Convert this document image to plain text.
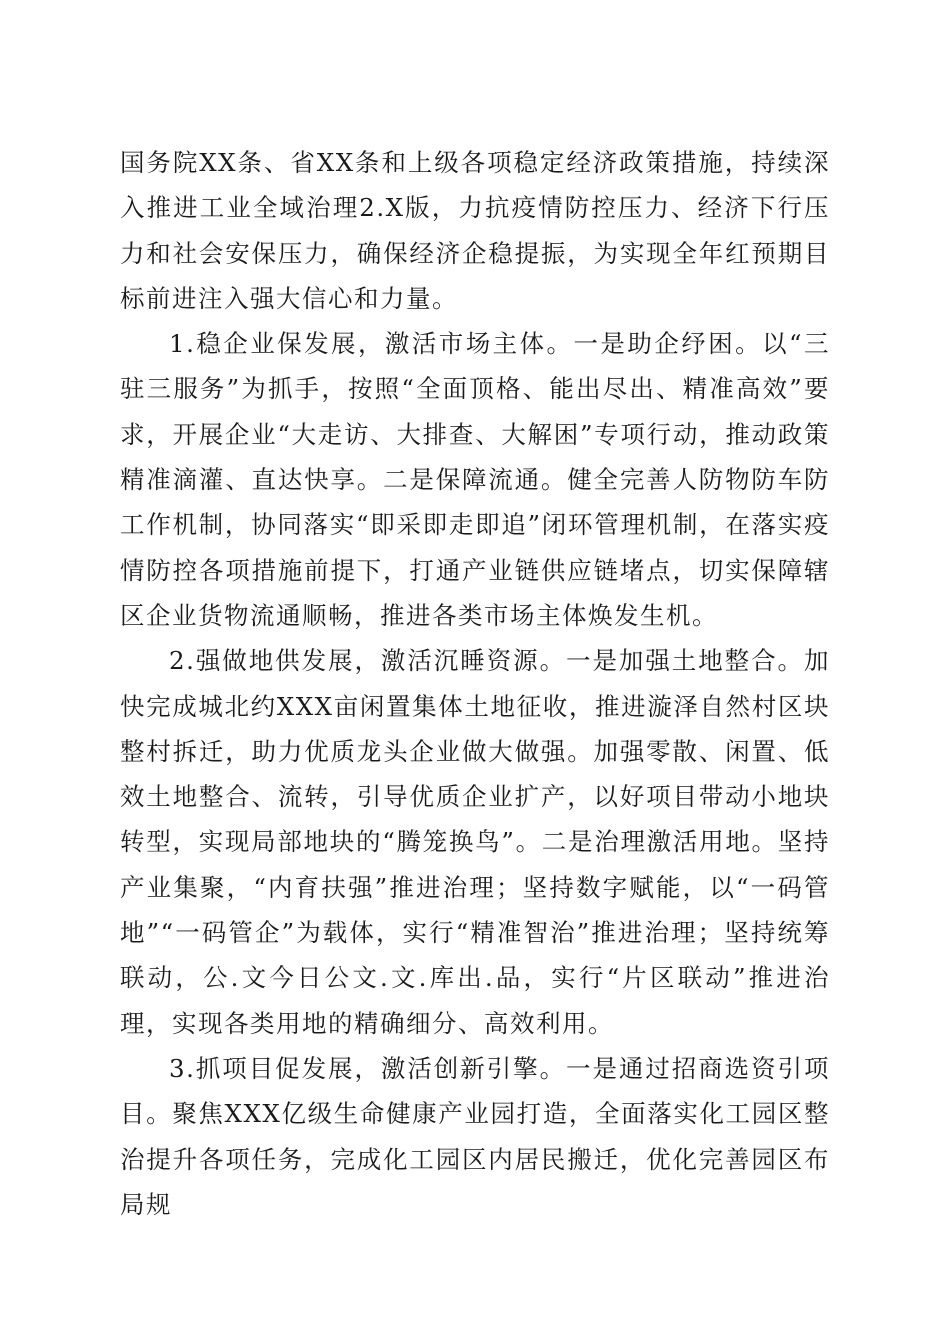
国务院XX条、省XX条和上级各项稳定经济政策措施，持续深入推进工业全域治理2.X版，力抗疫情防控压力、经济下行压力和社会安保压力，确保经济企稳提振，为实现全年红预期目标前进注入强大信心和力量。

1.稳企业保发展，激活市场主体。一是助企纾困。以“三驻三服务”为抓手，按照“全面顶格、能出尽出、精准高效”要求，开展企业“大走访、大排查、大解困”专项行动，推动政策精准滴灌、直达快享。二是保障流通。健全完善人防物防车防工作机制，协同落实“即采即走即追”闭环管理机制，在落实疫情防控各项措施前提下，打通产业链供应链堵点，切实保障辖区企业货物流通顺畅，推进各类市场主体焕发生机。

2.强做地供发展，激活沉睡资源。一是加强土地整合。加快完成城北约XXX亩闲置集体土地征收，推进漩泽自然村区块整村拆迁，助力优质龙头企业做大做强。加强零散、闲置、低效土地整合、流转，引导优质企业扩产，以好项目带动小地块转型，实现局部地块的“腾笼换鸟”。二是治理激活用地。坚持产业集聚，“内育扶强”推进治理；坚持数字赋能，以“一码管地”“一码管企”为载体，实行“精准智治”推进治理；坚持统筹联动，公.文今日公文.文.库出.品，实行“片区联动”推进治理，实现各类用地的精确细分、高效利用。

3.抓项目促发展，激活创新引擎。一是通过招商选资引项目。聚焦XXX亿级生命健康产业园打造，全面落实化工园区整治提升各项任务，完成化工园区内居民搬迁，优化完善园区布局规
